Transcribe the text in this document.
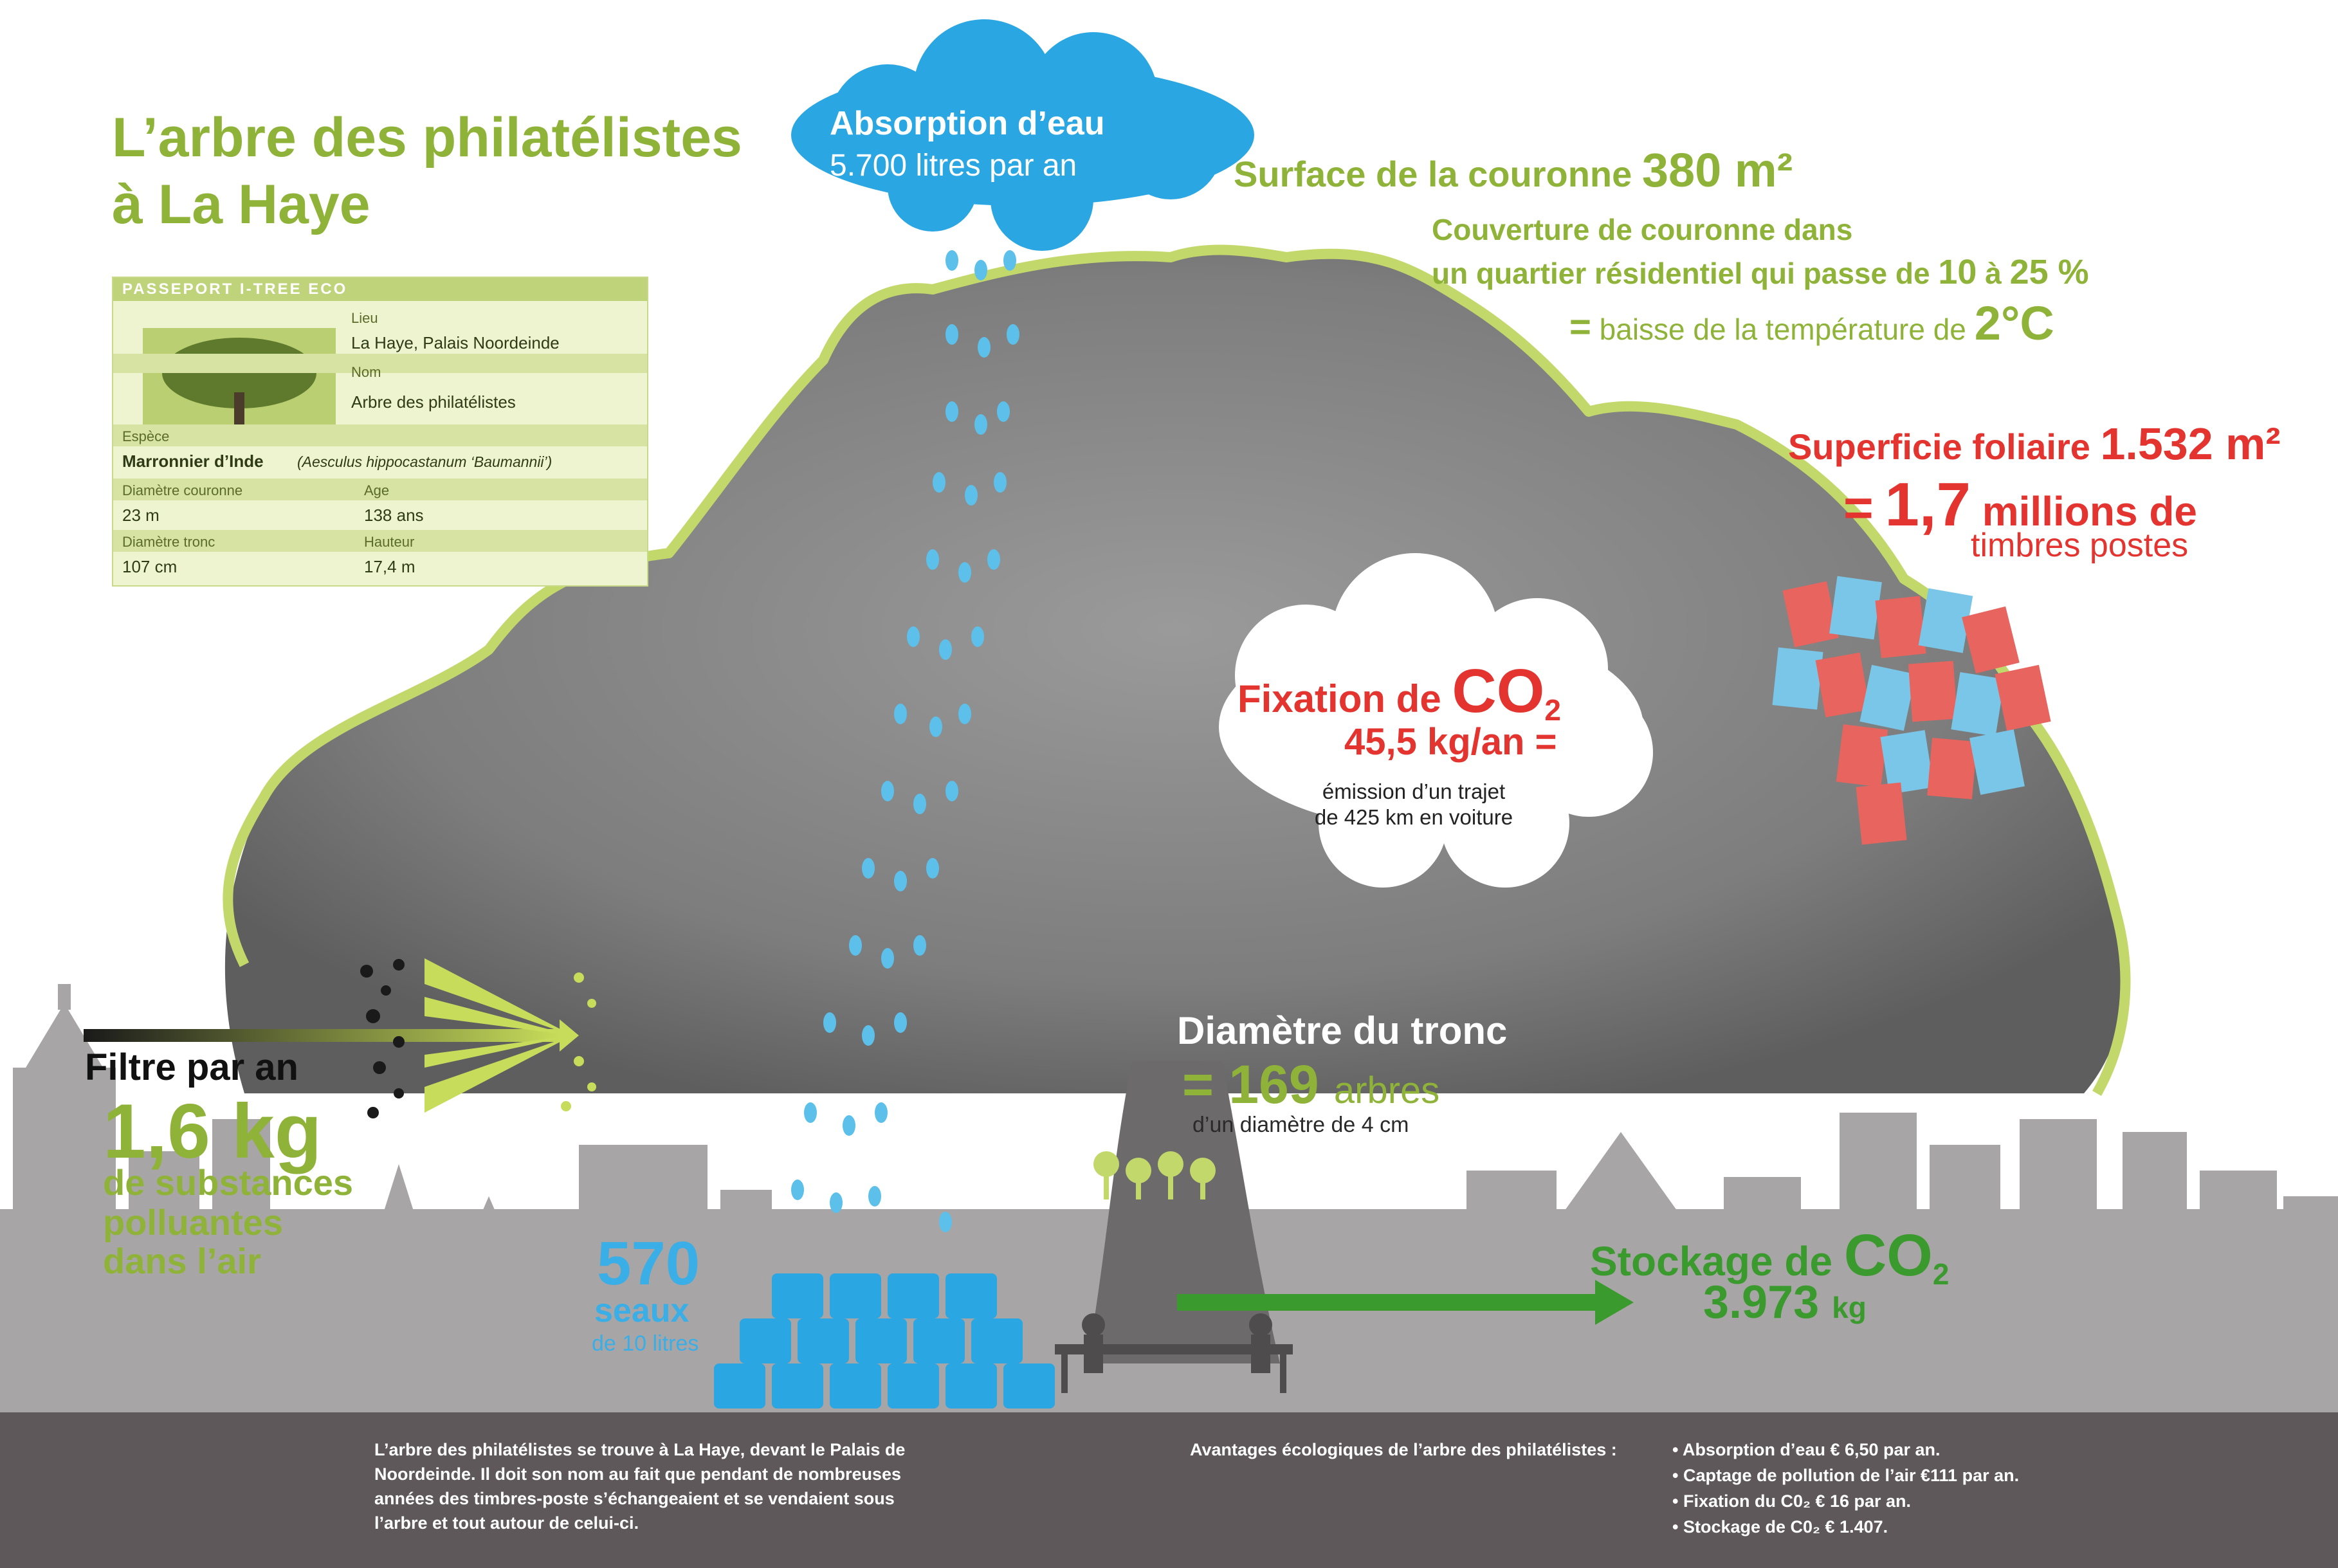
L’arbre des philatélistes
à La Haye
PASSEPORT I-TREE ECO
Lieu
La Haye, Palais Noordeinde
Nom
Arbre des philatélistes
Espèce
Marronnier d’Inde (Aesculus hippocastanum ‘Baumannii’)
Diamètre couronne	Age
23 m	138 ans
Diamètre tronc	Hauteur
107 cm	17,4 m
Absorption d’eau
5.700 litres par an	Surface de la couronne 380 m²
Couverture de couronne dans
un quartier résidentiel qui passe de 10 à 25 %
= baisse de la température de 2°C
Superficie foliaire 1.532 m²
= 1,7 millions de
timbres postes
Fixation de $CO_2$
45,5 kg/an =
émission d’un trajet
de 425 km en voiture
Diamètre du tronc
= 169 arbres
d’un diamètre de 4 cm
Filtre par an
1,6 kg
de substances
polluantes
dans l’air	570
seaux
de 10 litres
Stockage de $CO_2$
3.973 kg
L’arbre des philatélistes se trouve à La Haye, devant le Palais de
Noordeinde. Il doit son nom au fait que pendant de nombreuses
années des timbres-poste s’échangeaient et se vendaient sous
l’arbre et tout autour de celui-ci.
Avantages écologiques de l’arbre des philatélistes :	• Absorption d’eau € 6,50 par an.
• Captage de pollution de l’air €111 par an.
• Fixation du C0₂ € 16 par an.
• Stockage de C0₂ € 1.407.
